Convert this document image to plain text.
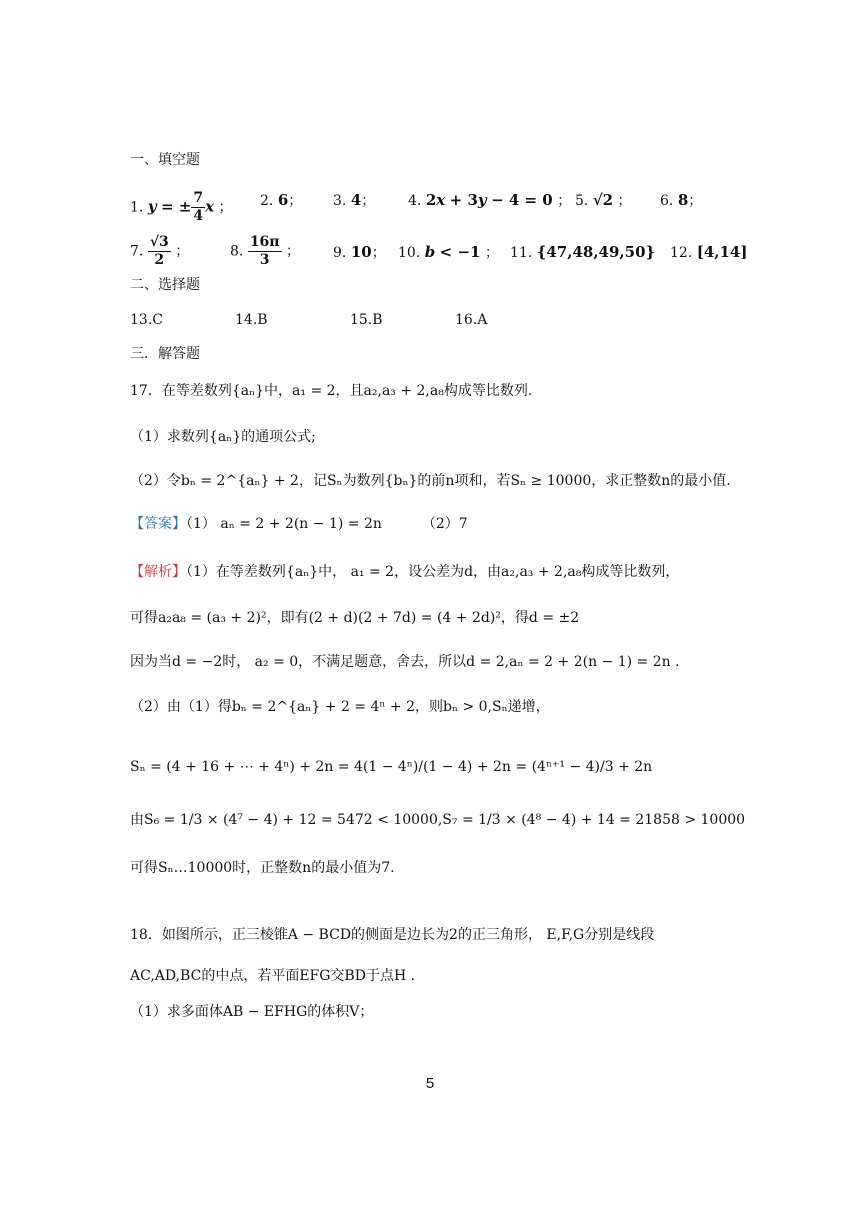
一、填空题
1. y = ± $\frac{7}{4}$ x ； 2. 6； 3. 4； 4. 2x + 3y − 4 = 0 ； 5. √2 ； 6. 8；
7. $\frac{√3}{2}$ ；	8. $\frac{16\pi}{3}$ ； 9. 10； 10. b < −1 ； 11. {47,48,49,50} 12. [4,14]
二、选择题
13.C	14.B	15.B	16.A
三．解答题
17．在等差数列{aₙ}中，a₁ = 2，且a₂,a₃ + 2,a₈构成等比数列.
（1）求数列{aₙ}的通项公式;
（2）令bₙ = 2^{aₙ} + 2，记Sₙ为数列{bₙ}的前n项和，若Sₙ ≥ 10000，求正整数n的最小值.
【答案】（1） aₙ = 2 + 2(n − 1) = 2n	（2）7
【解析】（1）在等差数列{aₙ}中， a₁ = 2，设公差为d，由a₂,a₃ + 2,a₈构成等比数列，
可得a₂a₈ = (a₃ + 2)²，即有(2 + d)(2 + 7d) = (4 + 2d)²，得d = ±2
因为当d = −2时， a₂ = 0，不满足题意，舍去，所以d = 2,aₙ = 2 + 2(n − 1) = 2n .
（2）由（1）得bₙ = 2^{aₙ} + 2 = 4ⁿ + 2，则bₙ > 0,Sₙ递增，
Sₙ = (4 + 16 + ⋯ + 4ⁿ) + 2n = 4(1 − 4ⁿ)/(1 − 4) + 2n = (4ⁿ⁺¹ − 4)/3 + 2n
由S₆ = 1/3 × (4⁷ − 4) + 12 = 5472 < 10000,S₇ = 1/3 × (4⁸ − 4) + 14 = 21858 > 10000
可得Sₙ…10000时，正整数n的最小值为7.
18．如图所示，正三棱锥A − BCD的侧面是边长为2的正三角形， E,F,G分别是线段
AC,AD,BC的中点，若平面EFG交BD于点H .
（1）求多面体AB − EFHG的体积V；
5
